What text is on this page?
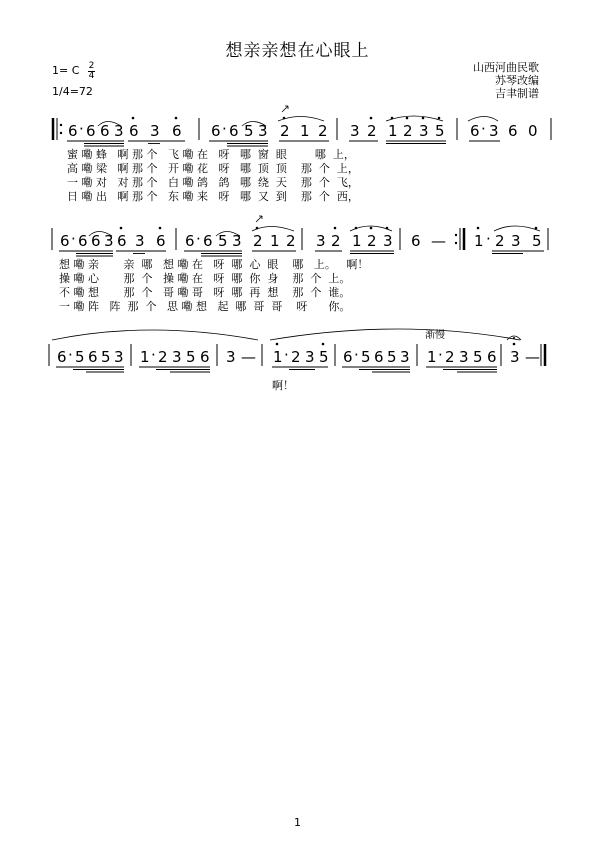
想亲亲想在心眼上
1= C 2
4
1/4=72
山西河曲民歌
苏琴改编
吉聿制谱
6 · 6 6 3 6 3 6 6 · 6 5 3 2 1 2 3 2 1 2 3 5 6 · 3 6 0
6 · 6 6 3 6 3 6 6 · 6 5 3 2 1 2 3 2 1 2 3 6 — 1 · 2 3 5
6 · 5 6 5 3 1 · 2 3 5 6 3 — 1 · 2 3 5 6 · 5 6 5 3 1 · 2 3 5 6 3 —
蜜 嘞 蜂   啊 那 个   飞 嘞 在   呀   哪  窗  眼        哪  上，
高 嘞 梁   啊 那 个   开 嘞 花   呀   哪  顶  顶    那  个  上，
一 嘞 对   对 那 个   白 嘞 鸽   鸽   哪  绕  天    那  个  飞，
日 嘞 出   啊 那 个   东 嘞 来   呀   哪  又  到    那  个  西，
想 嘞 亲       亲  哪   想 嘞 在   呀  哪  心  眼    哪   上。   啊！
操 嘞 心       那  个   操 嘞 在   呀  哪  你  身    那  个  上。
不 嘞 想       那  个   哥 嘞 哥   呀  哪  再  想    那  个  谁。
一 嘞 阵   阵  那  个   思 嘞 想   起  哪  哥  哥    呀      你。
渐慢
啊！
1
